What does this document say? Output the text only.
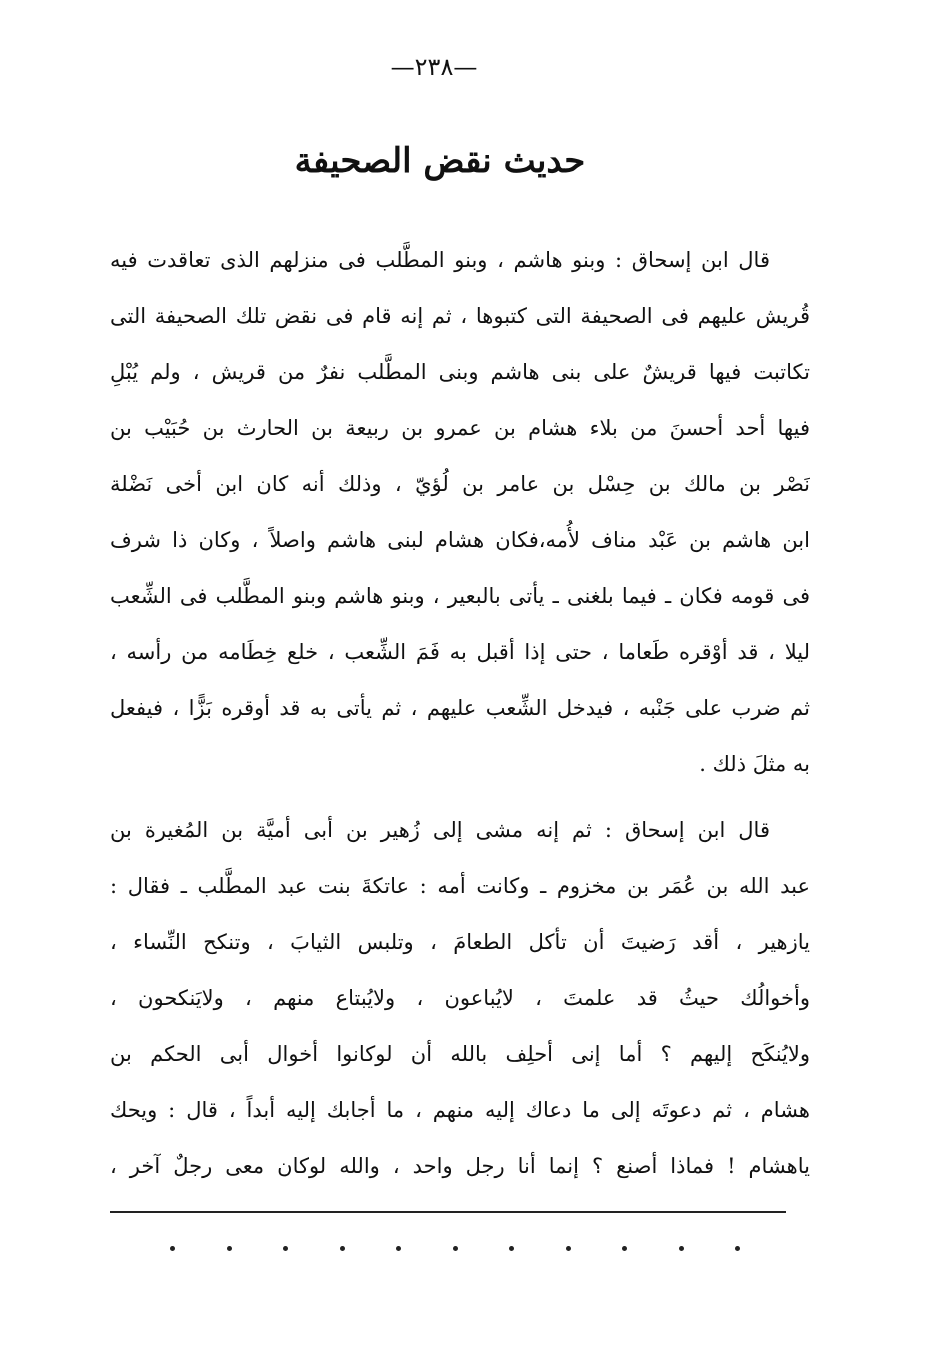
—٢٣٨—
حديث نقض الصحيفة
قال ابن إسحاق : وبنو هاشم ، وبنو المطَّلب فى منزلهم الذى تعاقدت فيه
قُريش عليهم فى الصحيفة التى كتبوها ، ثم إنه قام فى نقض تلك الصحيفة التى
تكاتبت فيها قريشٌ على بنى هاشم وبنى المطَّلب نفرٌ من قريش ، ولم يُبْلِ
فيها أحد أحسنَ من بلاء هشام بن عمرو بن ربيعة بن الحارث بن حُبَيْب بن
نَصْر بن مالك بن حِسْل بن عامر بن لُؤيّ ، وذلك أنه كان ابن أخى نَضْلة
ابن هاشم بن عَبْد مناف لأُمه،فكان هشام لبنى هاشم واصلاً ، وكان ذا شرف
فى قومه فكان ـ فيما بلغنى ـ يأتى بالبعير ، وبنو هاشم وبنو المطَّلب فى الشِّعب
ليلا ، قد أوْقره طَعاما ، حتى إذا أقبل به فَمَ الشِّعب ، خلع خِطَامه من رأسه ،
ثم ضرب على جَنْبه ، فيدخل الشِّعب عليهم ، ثم يأتى به قد أوقره بَزًّا ، فيفعل
به مثلَ ذلك .
قال ابن إسحاق : ثم إنه مشى إلى زُهير بن أبى أميَّة بن المُغيرة بن
عبد الله بن عُمَر بن مخزوم ـ وكانت أمه : عاتكةَ بنت عبد المطَّلب ـ فقال :
يازهير ، أقد رَضيتَ أن تأكل الطعامَ ، وتلبس الثيابَ ، وتنكح النِّساء ،
وأخوالُك حيثُ قد علمتَ ، لايُباعون ، ولايُبتاع منهم ، ولايَنكحون ،
ولايُنكَح إليهم ؟ أما إنى أحلِف بالله أن لوكانوا أخوال أبى الحكم بن
هشام ، ثم دعوتَه إلى ما دعاك إليه منهم ، ما أجابك إليه أبداً ، قال : ويحك
ياهشام ! فماذا أصنع ؟ إنما أنا رجل واحد ، والله لوكان معى رجلٌ آخر ،
